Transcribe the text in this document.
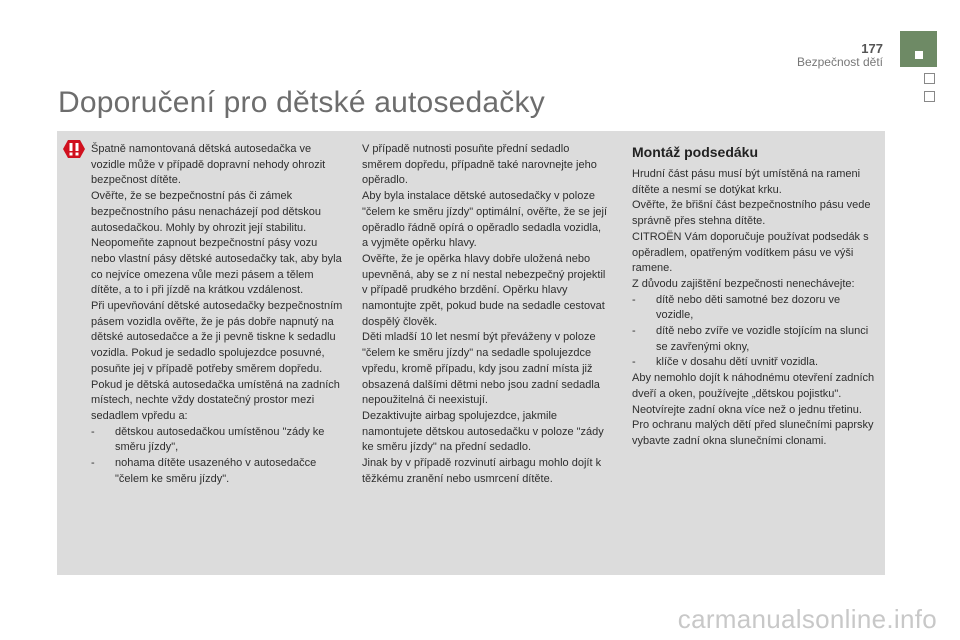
177
Bezpečnost dětí
Doporučení pro dětské autosedačky

Špatně namontovaná dětská autosedačka ve vozidle může v případě dopravní nehody ohrozit bezpečnost dítěte.

Ověřte, že se bezpečnostní pás či zámek bezpečnostního pásu nenacházejí pod dětskou autosedačkou. Mohly by ohrozit její stabilitu.

Neopomeňte zapnout bezpečnostní pásy vozu nebo vlastní pásy dětské autosedačky tak, aby byla co nejvíce omezena vůle mezi pásem a tělem dítěte, a to i při jízdě na krátkou vzdálenost.

Při upevňování dětské autosedačky bezpečnostním pásem vozidla ověřte, že je pás dobře napnutý na dětské autosedačce a že ji pevně tiskne k sedadlu vozidla. Pokud je sedadlo spolujezdce posuvné, posuňte jej v případě potřeby směrem dopředu.

Pokud je dětská autosedačka umístěná na zadních místech, nechte vždy dostatečný prostor mezi sedadlem vpředu a:

- dětskou autosedačkou umístěnou "zády ke směru jízdy",
- nohama dítěte usazeného v autosedačce "čelem ke směru jízdy".

V případě nutnosti posuňte přední sedadlo směrem dopředu, případně také narovnejte jeho opěradlo.

Aby byla instalace dětské autosedačky v poloze "čelem ke směru jízdy" optimální, ověřte, že se její opěradlo řádně opírá o opěradlo sedadla vozidla, a vyjměte opěrku hlavy.

Ověřte, že je opěrka hlavy dobře uložená nebo upevněná, aby se z ní nestal nebezpečný projektil v případě prudkého brzdění. Opěrku hlavy namontujte zpět, pokud bude na sedadle cestovat dospělý člověk.

Děti mladší 10 let nesmí být převáženy v poloze "čelem ke směru jízdy" na sedadle spolujezdce vpředu, kromě případu, kdy jsou zadní místa již obsazená dalšími dětmi nebo jsou zadní sedadla nepoužitelná či neexistují.

Dezaktivujte airbag spolujezdce, jakmile namontujete dětskou autosedačku v poloze "zády ke směru jízdy" na přední sedadlo.

Jinak by v případě rozvinutí airbagu mohlo dojít k těžkému zranění nebo usmrcení dítěte.

Montáž podsedáku

Hrudní část pásu musí být umístěná na rameni dítěte a nesmí se dotýkat krku.

Ověřte, že břišní část bezpečnostního pásu vede správně přes stehna dítěte.

CITROËN Vám doporučuje používat podsedák s opěradlem, opatřeným vodítkem pásu ve výši ramene.

Z důvodu zajištění bezpečnosti nenechávejte:

- dítě nebo děti samotné bez dozoru ve vozidle,
- dítě nebo zvíře ve vozidle stojícím na slunci se zavřenými okny,
- klíče v dosahu dětí uvnitř vozidla.

Aby nemohlo dojít k náhodnému otevření zadních dveří a oken, používejte „dětskou pojistku".

Neotvírejte zadní okna více než o jednu třetinu.

Pro ochranu malých dětí před slunečními paprsky vybavte zadní okna slunečními clonami.

carmanualsonline.info
